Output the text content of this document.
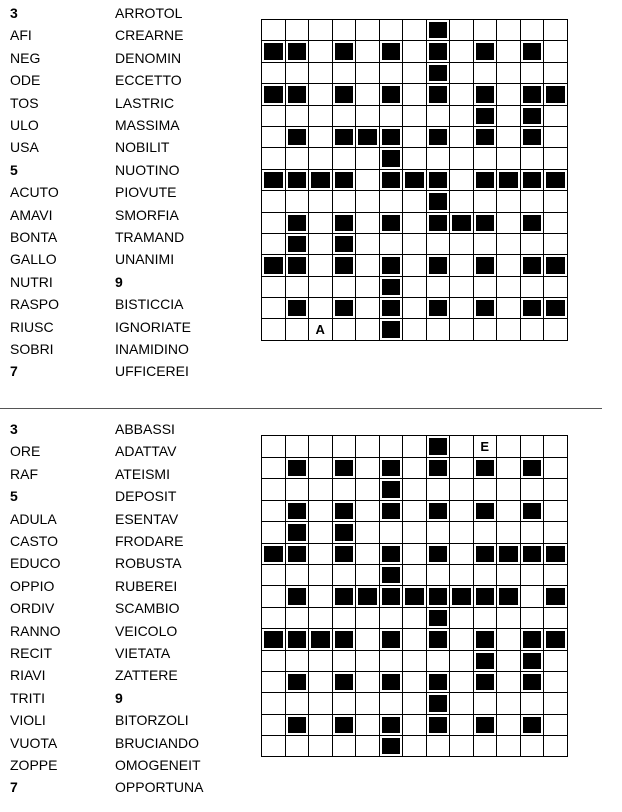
3
AFI
NEG
ODE
TOS
ULO
USA
5
ACUTO
AMAVI
BONTA
GALLO
NUTRI
RASPO
RIUSC
SOBRI
7
ARROTOL
CREARNE
DENOMIN
ECCETTO
LASTRIC
MASSIMA
NOBILIT
NUOTINO
PIOVUTE
SMORFIA
TRAMAND
UNANIMI
9
BISTICCIA
IGNORIATE
INAMIDINO
UFFICEREI

		A										
3
ORE
RAF
5
ADULA
CASTO
EDUCO
OPPIO
ORDIV
RANNO
RECIT
RIAVI
TRITI
VIOLI
VUOTA
ZOPPE
7
ABBASSI
ADATTAV
ATEISMI
DEPOSIT
ESENTAV
FRODARE
ROBUSTA
RUBEREI
SCAMBIO
VEICOLO
VIETATA
ZATTERE
9
BITORZOLI
BRUCIANDO
OMOGENEIT
OPPORTUNA
									E			
